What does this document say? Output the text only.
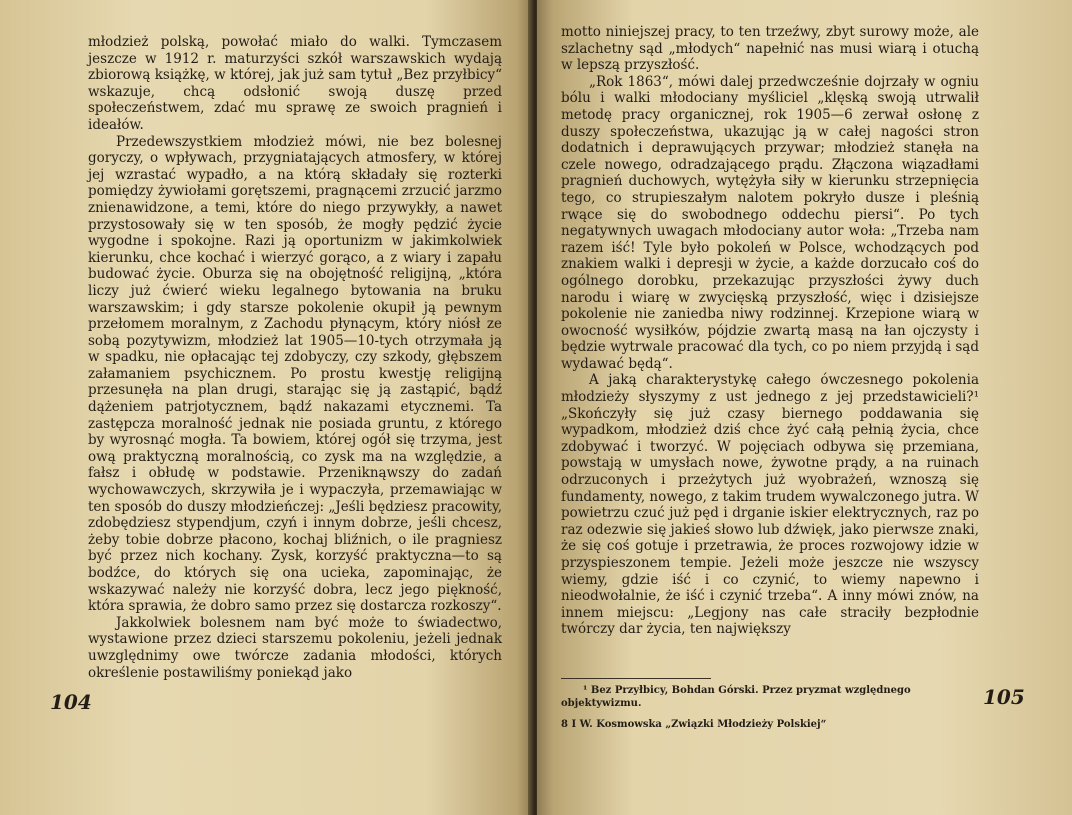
młodzież polską, powołać miało do walki. Tymczasem jeszcze w 1912 r. maturzyści szkół warszawskich wydają zbiorową książkę, w której, jak już sam tytuł „Bez przyłbicy“ wskazuje, chcą odsłonić swoją duszę przed społeczeństwem, zdać mu sprawę ze swoich pragnień i ideałów.

Przedewszystkiem młodzież mówi, nie bez bolesnej goryczy, o wpływach, przygniatających atmosfery, w której jej wzrastać wypadło, a na którą składały się rozterki pomiędzy żywiołami gorętszemi, pragnącemi zrzucić jarzmo znienawidzone, a temi, które do niego przywykły, a nawet przystosowały się w ten sposób, że mogły pędzić życie wygodne i spokojne. Razi ją oportunizm w jakimkolwiek kierunku, chce kochać i wierzyć gorąco, a z wiary i zapału budować życie. Oburza się na obojętność religijną, „która liczy już ćwierć wieku legalnego bytowania na bruku warszawskim; i gdy starsze pokolenie okupił ją pewnym przełomem moralnym, z Zachodu płynącym, który niósł ze sobą pozytywizm, młodzież lat 1905—10-tych otrzymała ją w spadku, nie opłacając tej zdobyczy, czy szkody, głębszem załamaniem psychicznem. Po prostu kwestję religijną przesunęła na plan drugi, starając się ją zastąpić, bądź dążeniem patrjotycznem, bądź nakazami etycznemi. Ta zastępcza moralność jednak nie posiada gruntu, z którego by wyrosnąć mogła. Ta bowiem, której ogół się trzyma, jest ową praktyczną moralnością, co zysk ma na względzie, a fałsz i obłudę w podstawie. Przeniknąwszy do zadań wychowawczych, skrzywiła je i wypaczyła, przemawiając w ten sposób do duszy młodzieńczej: „Jeśli będziesz pracowity, zdobędziesz stypendjum, czyń i innym dobrze, jeśli chcesz, żeby tobie dobrze płacono, kochaj bliźnich, o ile pragniesz być przez nich kochany. Zysk, korzyść praktyczna—to są bodźce, do których się ona ucieka, zapominając, że wskazywać należy nie korzyść dobra, lecz jego piękność, która sprawia, że dobro samo przez się dostarcza rozkoszy“.

Jakkolwiek bolesnem nam być może to świadectwo, wystawione przez dzieci starszemu pokoleniu, jeżeli jednak uwzględnimy owe twórcze zadania młodości, których określenie postawiliśmy poniekąd jako

104

motto niniejszej pracy, to ten trzeźwy, zbyt surowy może, ale szlachetny sąd „młodych“ napełnić nas musi wiarą i otuchą w lepszą przyszłość.

„Rok 1863“, mówi dalej przedwcześnie dojrzały w ogniu bólu i walki młodociany myśliciel „klęską swoją utrwalił metodę pracy organicznej, rok 1905—6 zerwał osłonę z duszy społeczeństwa, ukazując ją w całej nagości stron dodatnich i deprawujących przywar; młodzież stanęła na czele nowego, odradzającego prądu. Złączona wiązadłami pragnień duchowych, wytężyła siły w kierunku strzepnięcia tego, co strupieszałym nalotem pokryło dusze i pleśnią rwące się do swobodnego oddechu piersi“. Po tych negatywnych uwagach młodociany autor woła: „Trzeba nam razem iść! Tyle było pokoleń w Polsce, wchodzących pod znakiem walki i depresji w życie, a każde dorzucało coś do ogólnego dorobku, przekazując przyszłości żywy duch narodu i wiarę w zwycięską przyszłość, więc i dzisiejsze pokolenie nie zaniedba niwy rodzinnej. Krzepione wiarą w owocność wysiłków, pójdzie zwartą masą na łan ojczysty i będzie wytrwale pracować dla tych, co po niem przyjdą i sąd wydawać będą“.

A jaką charakterystykę całego ówczesnego pokolenia młodzieży słyszymy z ust jednego z jej przedstawicieli?¹ „Skończyły się już czasy biernego poddawania się wypadkom, młodzież dziś chce żyć całą pełnią życia, chce zdobywać i tworzyć. W pojęciach odbywa się przemiana, powstają w umysłach nowe, żywotne prądy, a na ruinach odrzuconych i przeżytych już wyobrażeń, wznoszą się fundamenty, nowego, z takim trudem wywalczonego jutra. W powietrzu czuć już pęd i drganie iskier elektrycznych, raz po raz odezwie się jakieś słowo lub dźwięk, jako pierwsze znaki, że się coś gotuje i przetrawia, że proces rozwojowy idzie w przyspieszonem tempie. Jeżeli może jeszcze nie wszyscy wiemy, gdzie iść i co czynić, to wiemy napewno i nieodwołalnie, że iść i czynić trzeba“. A inny mówi znów, na innem miejscu: „Legjony nas całe straciły bezpłodnie twórczy dar życia, ten największy

¹ Bez Przyłbicy, Bohdan Górski. Przez pryzmat względnego objektywizmu.
8 I W. Kosmowska „Związki Młodzieży Polskiej“
105
